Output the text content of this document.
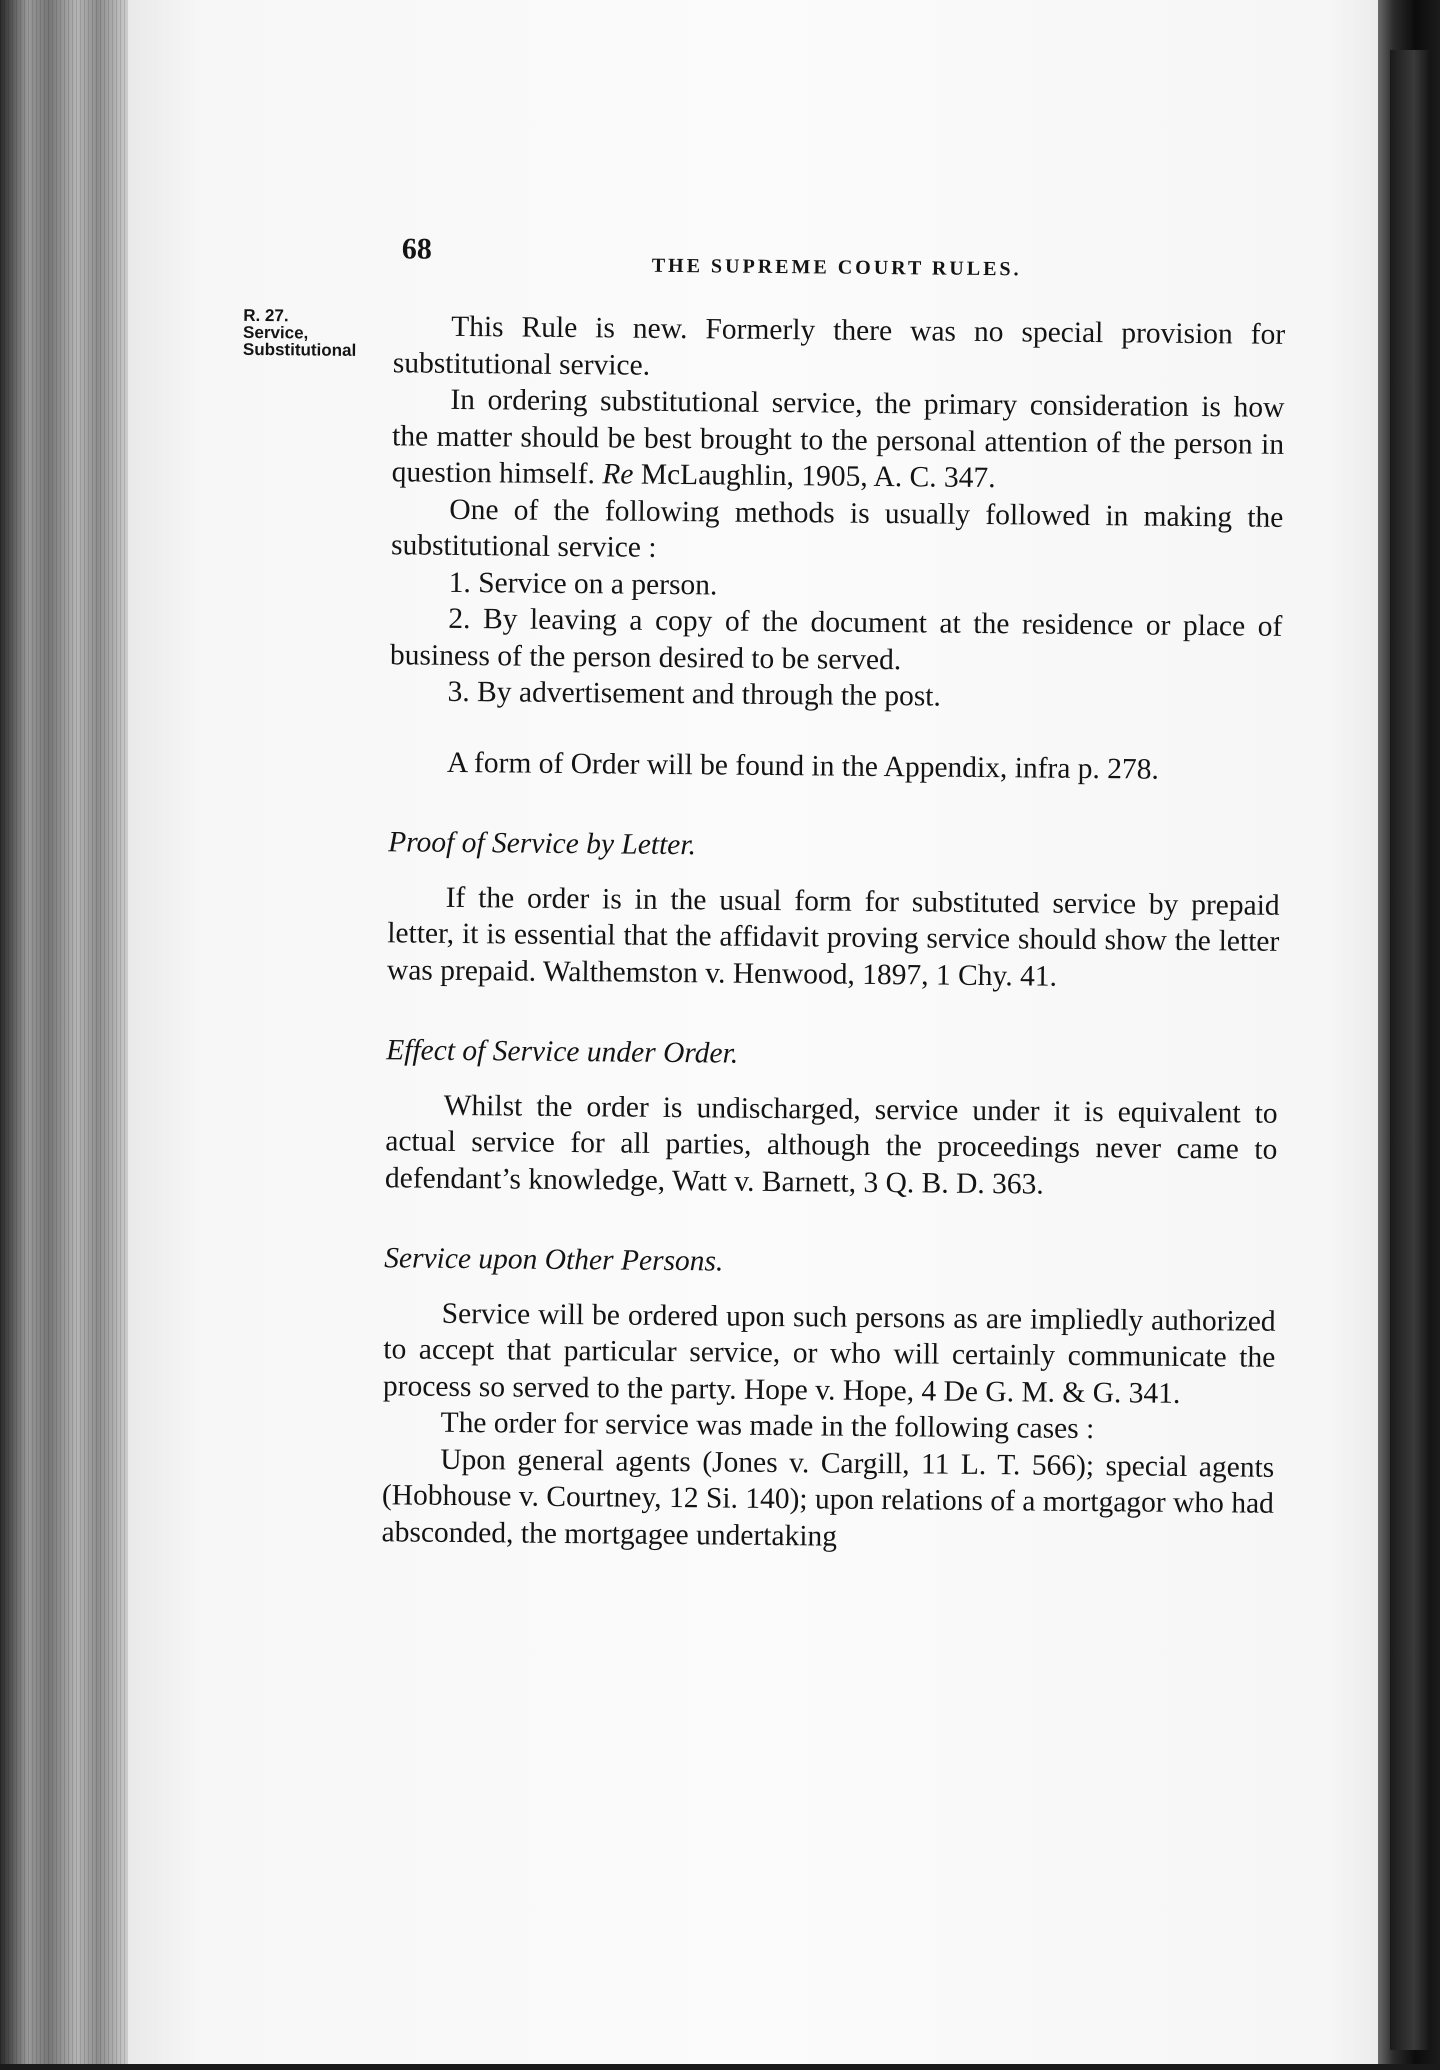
68

THE SUPREME COURT RULES.

R. 27.
Service,
Substitutional	This Rule is new. Formerly there was no special provision for substitutional service.

In ordering substitutional service, the primary consideration is how the matter should be best brought to the personal attention of the person in question himself. Re McLaughlin, 1905, A. C. 347.

One of the following methods is usually followed in making the substitutional service :

1. Service on a person.
2. By leaving a copy of the document at the residence or place of business of the person desired to be served.
3. By advertisement and through the post.

A form of Order will be found in the Appendix, infra p. 278.

Proof of Service by Letter.

If the order is in the usual form for substituted service by prepaid letter, it is essential that the affidavit proving service should show the letter was prepaid. Walthemston v. Henwood, 1897, 1 Chy. 41.

Effect of Service under Order.

Whilst the order is undischarged, service under it is equivalent to actual service for all parties, although the proceedings never came to defendant’s knowledge, Watt v. Barnett, 3 Q. B. D. 363.

Service upon Other Persons.

Service will be ordered upon such persons as are impliedly authorized to accept that particular service, or who will certainly communicate the process so served to the party. Hope v. Hope, 4 De G. M. & G. 341.

The order for service was made in the following cases :

Upon general agents (Jones v. Cargill, 11 L. T. 566); special agents (Hobhouse v. Courtney, 12 Si. 140); upon relations of a mortgagor who had absconded, the mortgagee undertaking
